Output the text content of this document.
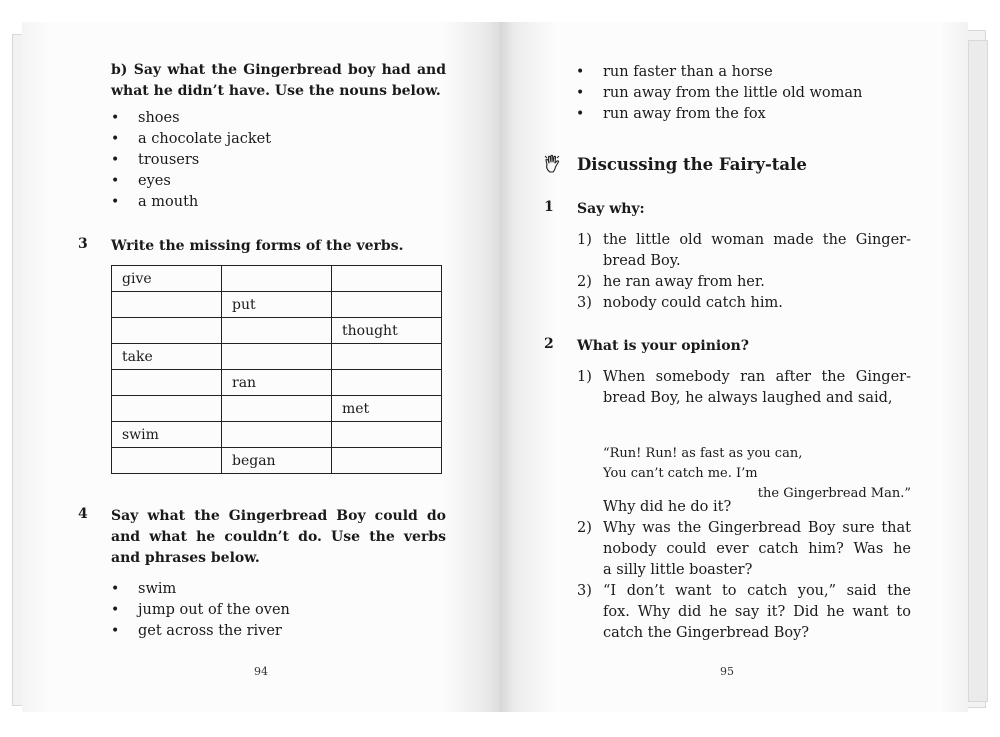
b) Say what the Gingerbread boy had and
what he didn’t have. Use the nouns below.
• shoes
• a chocolate jacket
• trousers
• eyes
• a mouth
3 Write the missing forms of the verbs.
give		
	put	
		thought
take		
	ran	
		met
swim		
	began	
4 Say what the Gingerbread Boy could do
and what he couldn’t do. Use the verbs
and phrases below.
• swim
• jump out of the oven
• get across the river
94
• run faster than a horse
• run away from the little old woman
• run away from the fox
Discussing the Fairy-tale
1 Say why:
1) the little old woman made the Ginger-
bread Boy.
2) he ran away from her.
3) nobody could catch him.
2 What is your opinion?
1) When somebody ran after the Ginger-
bread Boy, he always laughed and said,
“Run! Run! as fast as you can,
You can’t catch me. I’m
the Gingerbread Man.”
Why did he do it?
2) Why was the Gingerbread Boy sure that
nobody could ever catch him? Was he
a silly little boaster?
3) “I don’t want to catch you,” said the
fox. Why did he say it? Did he want to
catch the Gingerbread Boy?
95
